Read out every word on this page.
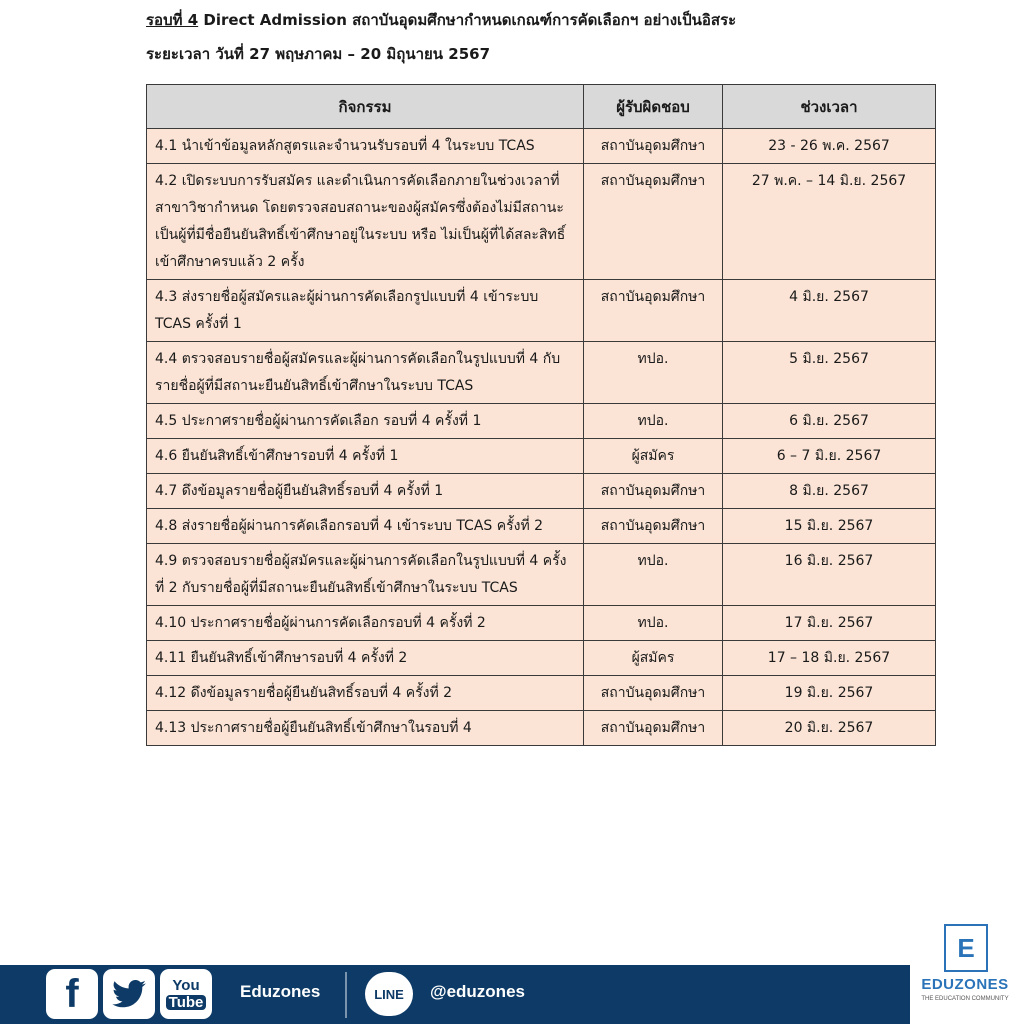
รอบที่ 4 Direct Admission สถาบันอุดมศึกษากำหนดเกณฑ์การคัดเลือกฯ อย่างเป็นอิสระ
ระยะเวลา วันที่ 27 พฤษภาคม – 20 มิถุนายน 2567
กิจกรรม	ผู้รับผิดชอบ	ช่วงเวลา
4.1 นำเข้าข้อมูลหลักสูตรและจำนวนรับรอบที่ 4 ในระบบ TCAS	สถาบันอุดมศึกษา	23 - 26 พ.ค. 2567
4.2 เปิดระบบการรับสมัคร และดำเนินการคัดเลือกภายในช่วงเวลาที่สาขาวิชากำหนด โดยตรวจสอบสถานะของผู้สมัครซึ่งต้องไม่มีสถานะเป็นผู้ที่มีชื่อยืนยันสิทธิ์เข้าศึกษาอยู่ในระบบ หรือ ไม่เป็นผู้ที่ได้สละสิทธิ์เข้าศึกษาครบแล้ว 2 ครั้ง	สถาบันอุดมศึกษา	27 พ.ค. – 14 มิ.ย. 2567
4.3 ส่งรายชื่อผู้สมัครและผู้ผ่านการคัดเลือกรูปแบบที่ 4 เข้าระบบ TCAS ครั้งที่ 1	สถาบันอุดมศึกษา	4 มิ.ย. 2567
4.4 ตรวจสอบรายชื่อผู้สมัครและผู้ผ่านการคัดเลือกในรูปแบบที่ 4 กับรายชื่อผู้ที่มีสถานะยืนยันสิทธิ์เข้าศึกษาในระบบ TCAS	ทปอ.	5 มิ.ย. 2567
4.5 ประกาศรายชื่อผู้ผ่านการคัดเลือก รอบที่ 4 ครั้งที่ 1	ทปอ.	6 มิ.ย. 2567
4.6 ยืนยันสิทธิ์เข้าศึกษารอบที่ 4 ครั้งที่ 1	ผู้สมัคร	6 – 7 มิ.ย. 2567
4.7 ดึงข้อมูลรายชื่อผู้ยืนยันสิทธิ์รอบที่ 4 ครั้งที่ 1	สถาบันอุดมศึกษา	8 มิ.ย. 2567
4.8 ส่งรายชื่อผู้ผ่านการคัดเลือกรอบที่ 4 เข้าระบบ TCAS ครั้งที่ 2	สถาบันอุดมศึกษา	15 มิ.ย. 2567
4.9 ตรวจสอบรายชื่อผู้สมัครและผู้ผ่านการคัดเลือกในรูปแบบที่ 4 ครั้งที่ 2 กับรายชื่อผู้ที่มีสถานะยืนยันสิทธิ์เข้าศึกษาในระบบ TCAS	ทปอ.	16 มิ.ย. 2567
4.10 ประกาศรายชื่อผู้ผ่านการคัดเลือกรอบที่ 4 ครั้งที่ 2	ทปอ.	17 มิ.ย. 2567
4.11 ยืนยันสิทธิ์เข้าศึกษารอบที่ 4 ครั้งที่ 2	ผู้สมัคร	17 – 18 มิ.ย. 2567
4.12 ดึงข้อมูลรายชื่อผู้ยืนยันสิทธิ์รอบที่ 4 ครั้งที่ 2	สถาบันอุดมศึกษา	19 มิ.ย. 2567
4.13 ประกาศรายชื่อผู้ยืนยันสิทธิ์เข้าศึกษาในรอบที่ 4	สถาบันอุดมศึกษา	20 มิ.ย. 2567
f	You
Tube
Eduzones	LINE @eduzones
E
EDUZONES
THE EDUCATION COMMUNITY
